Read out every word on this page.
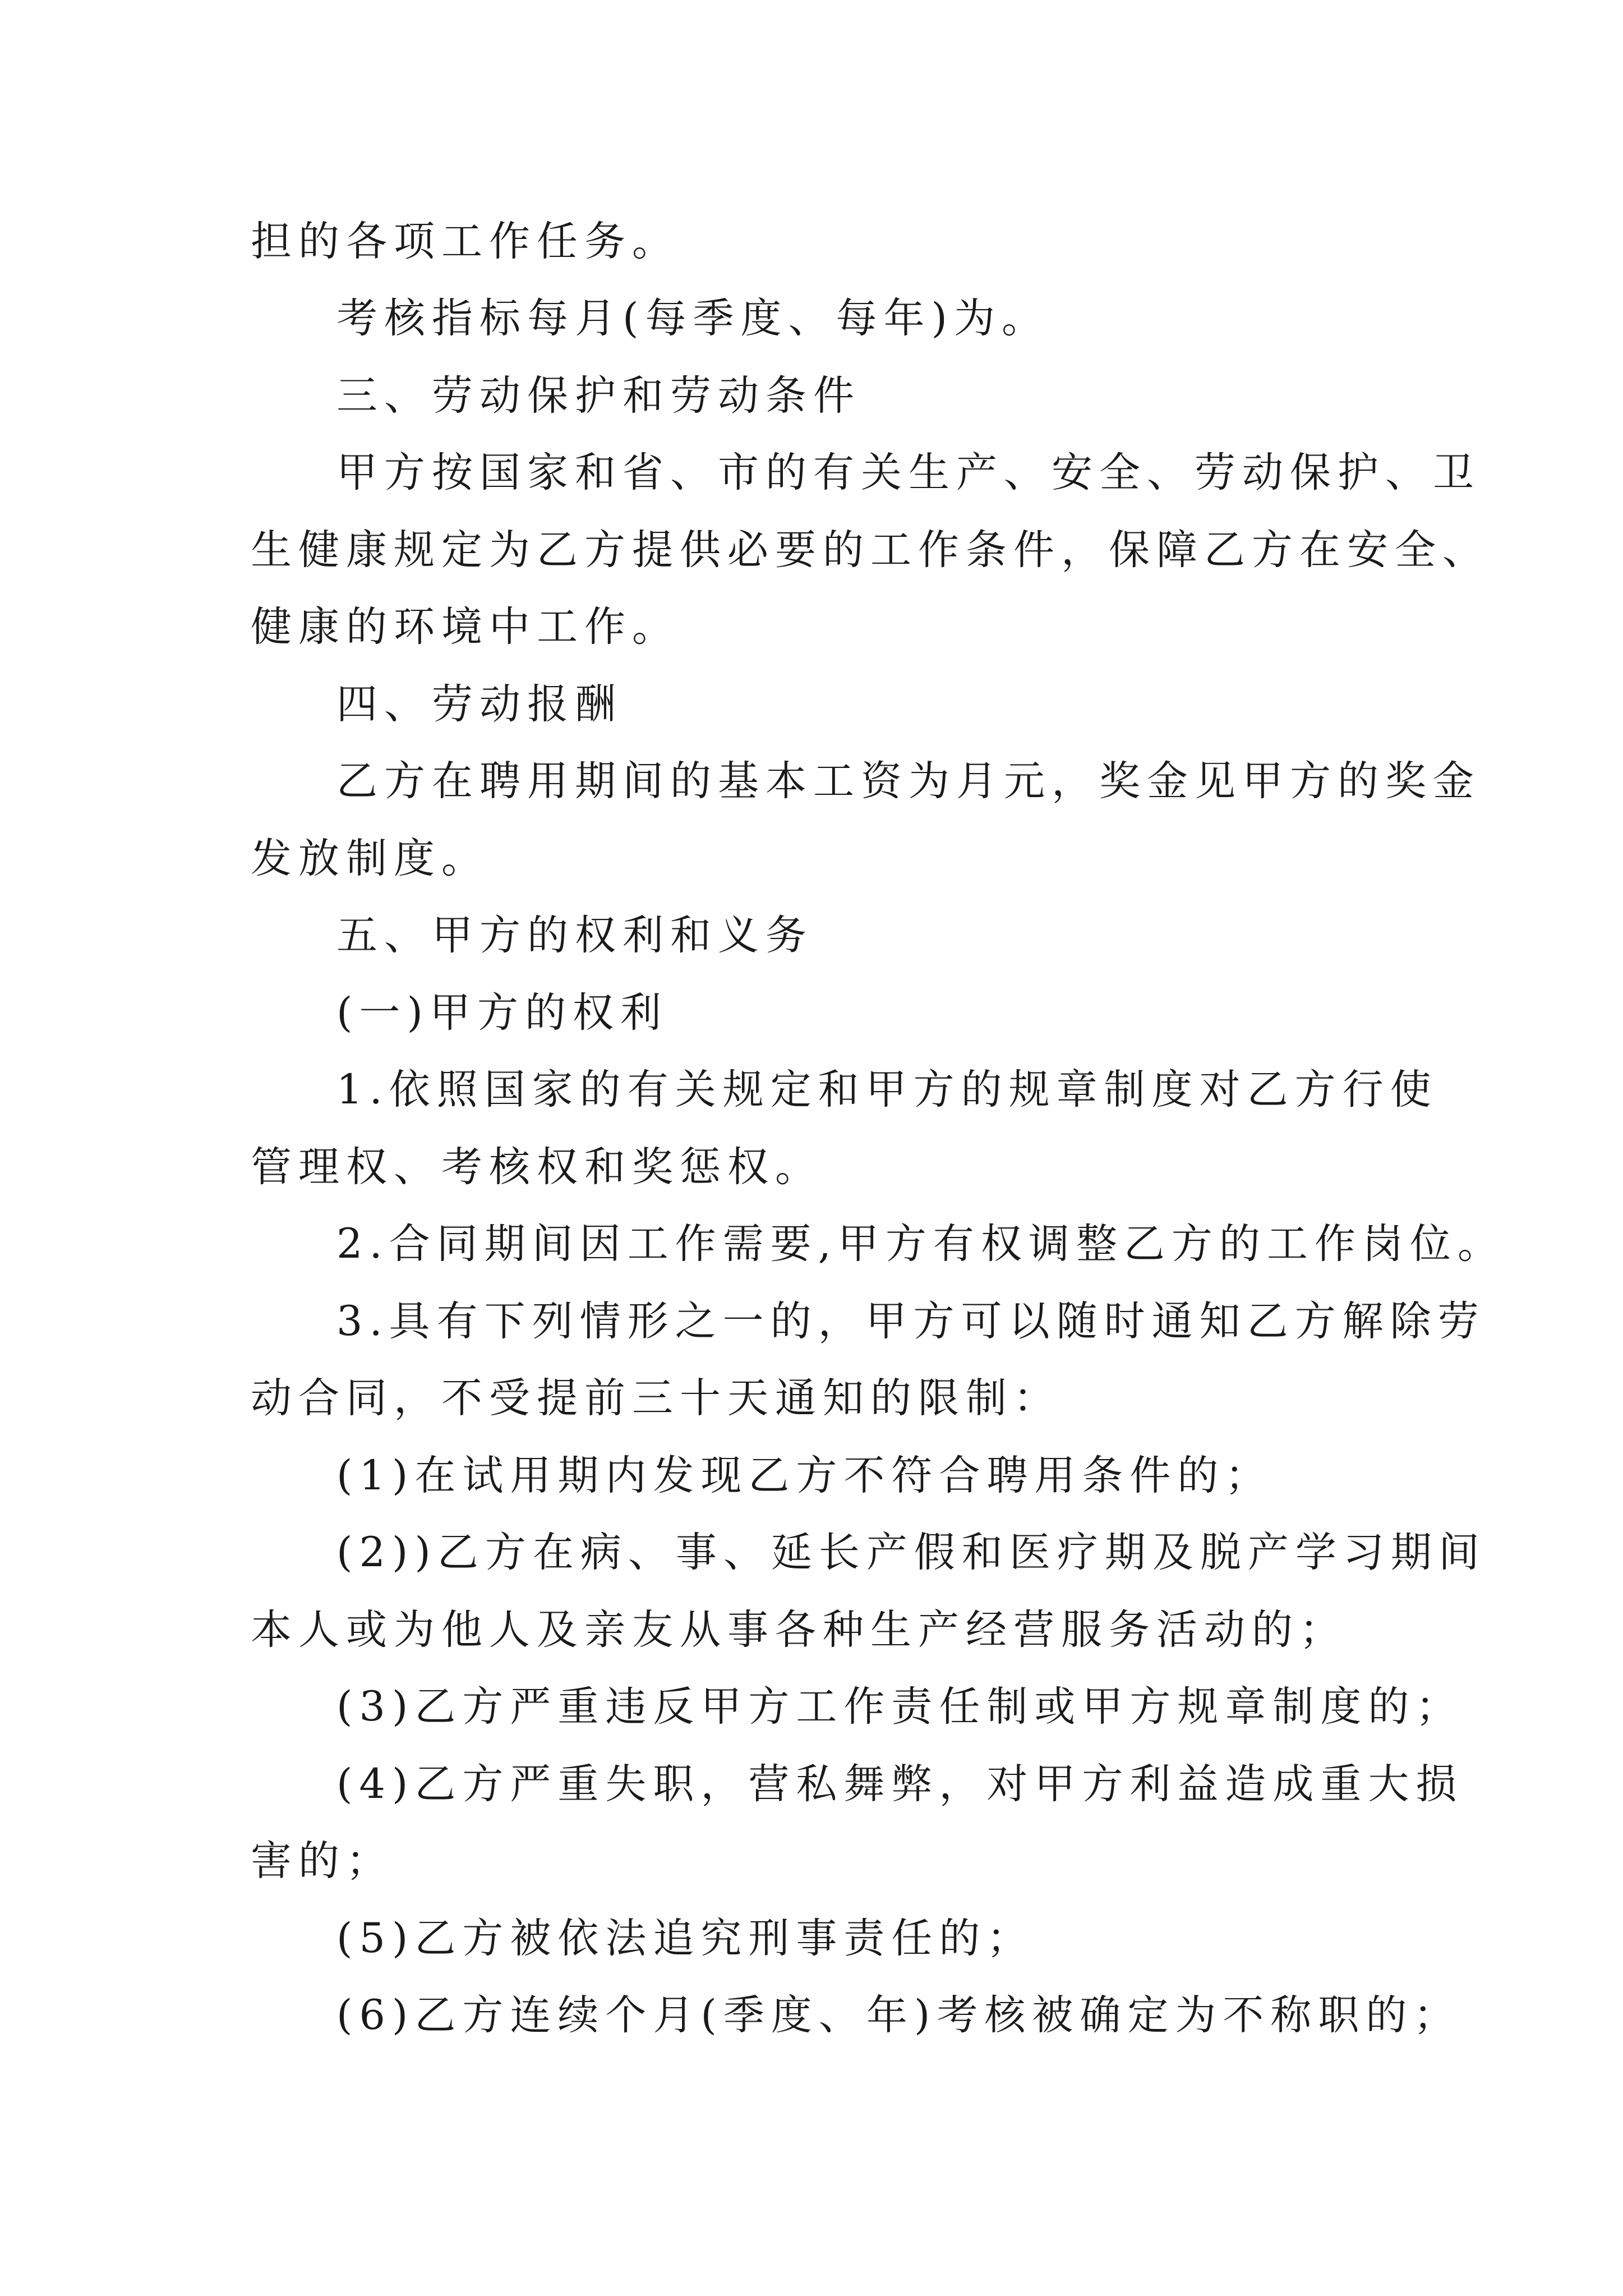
担的各项工作任务。
考核指标每月(每季度、每年)为。
三、劳动保护和劳动条件
甲方按国家和省、市的有关生产、安全、劳动保护、卫
生健康规定为乙方提供必要的工作条件，保障乙方在安全、
健康的环境中工作。
四、劳动报酬
乙方在聘用期间的基本工资为月元，奖金见甲方的奖金
发放制度。
五、甲方的权利和义务
(一)甲方的权利
1.依照国家的有关规定和甲方的规章制度对乙方行使
管理权、考核权和奖惩权。
2.合同期间因工作需要,甲方有权调整乙方的工作岗位。
3.具有下列情形之一的，甲方可以随时通知乙方解除劳
动合同，不受提前三十天通知的限制：
(1)在试用期内发现乙方不符合聘用条件的；
(2))乙方在病、事、延长产假和医疗期及脱产学习期间
本人或为他人及亲友从事各种生产经营服务活动的；
(3)乙方严重违反甲方工作责任制或甲方规章制度的；
(4)乙方严重失职，营私舞弊，对甲方利益造成重大损
害的；
(5)乙方被依法追究刑事责任的；
(6)乙方连续个月(季度、年)考核被确定为不称职的；
